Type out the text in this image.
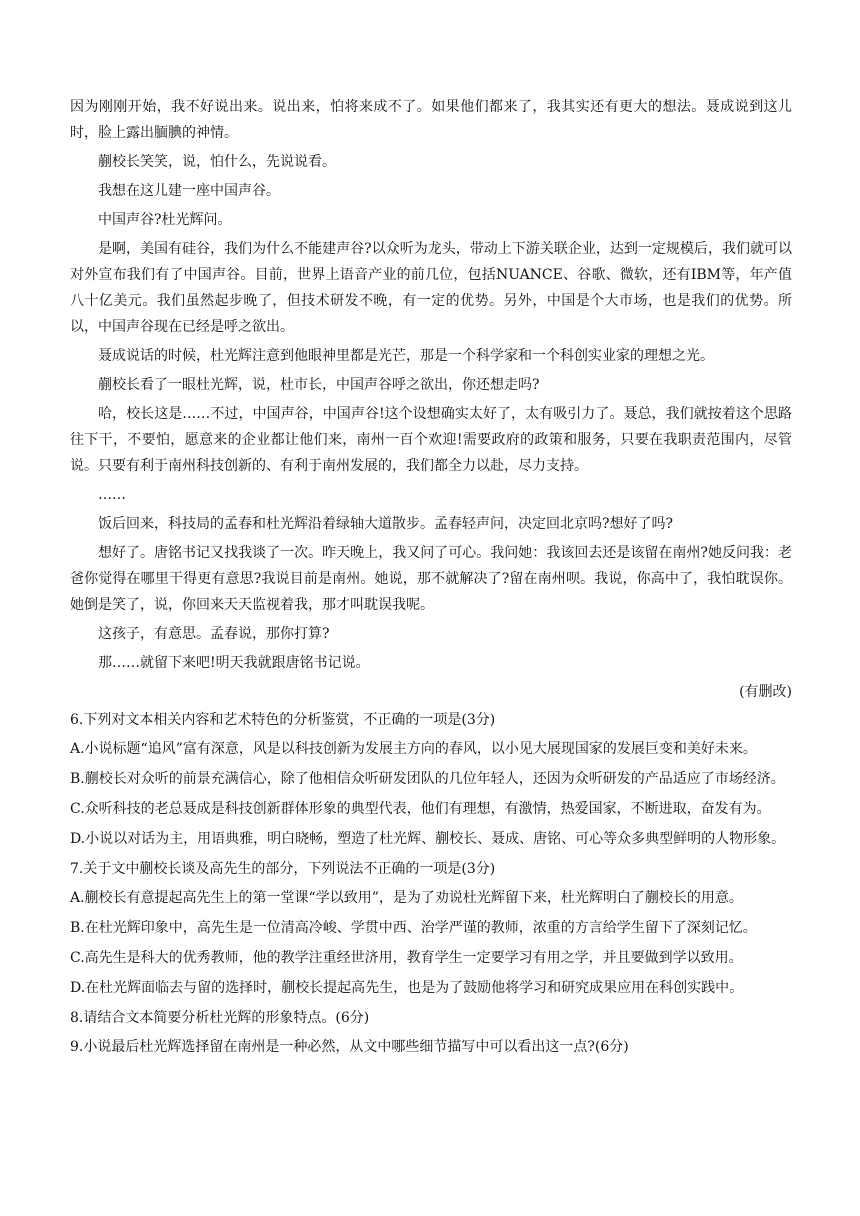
因为刚刚开始，我不好说出来。说出来，怕将来成不了。如果他们都来了，我其实还有更大的想法。聂成说到这儿时，脸上露出腼腆的神情。

蒯校长笑笑，说，怕什么，先说说看。

我想在这儿建一座中国声谷。

中国声谷?杜光辉问。

是啊，美国有硅谷，我们为什么不能建声谷?以众听为龙头，带动上下游关联企业，达到一定规模后，我们就可以对外宣布我们有了中国声谷。目前，世界上语音产业的前几位，包括NUANCE、谷歌、微软，还有IBM等，年产值八十亿美元。我们虽然起步晚了，但技术研发不晚，有一定的优势。另外，中国是个大市场，也是我们的优势。所以，中国声谷现在已经是呼之欲出。

聂成说话的时候，杜光辉注意到他眼神里都是光芒，那是一个科学家和一个科创实业家的理想之光。

蒯校长看了一眼杜光辉，说，杜市长，中国声谷呼之欲出，你还想走吗?

哈，校长这是……不过，中国声谷，中国声谷!这个设想确实太好了，太有吸引力了。聂总，我们就按着这个思路往下干，不要怕，愿意来的企业都让他们来，南州一百个欢迎!需要政府的政策和服务，只要在我职责范围内，尽管说。只要有利于南州科技创新的、有利于南州发展的，我们都全力以赴，尽力支持。

……

饭后回来，科技局的孟春和杜光辉沿着绿轴大道散步。孟春轻声问，决定回北京吗?想好了吗?

想好了。唐铭书记又找我谈了一次。昨天晚上，我又问了可心。我问她：我该回去还是该留在南州?她反问我：老爸你觉得在哪里干得更有意思?我说目前是南州。她说，那不就解决了?留在南州呗。我说，你高中了，我怕耽误你。她倒是笑了，说，你回来天天监视着我，那才叫耽误我呢。

这孩子，有意思。孟春说，那你打算?

那……就留下来吧!明天我就跟唐铭书记说。

(有删改)

6.下列对文本相关内容和艺术特色的分析鉴赏，不正确的一项是(3分)

A.小说标题“追风”富有深意，风是以科技创新为发展主方向的春风，以小见大展现国家的发展巨变和美好未来。

B.蒯校长对众听的前景充满信心，除了他相信众听研发团队的几位年轻人，还因为众听研发的产品适应了市场经济。

C.众听科技的老总聂成是科技创新群体形象的典型代表，他们有理想，有激情，热爱国家，不断进取，奋发有为。

D.小说以对话为主，用语典雅，明白晓畅，塑造了杜光辉、蒯校长、聂成、唐铭、可心等众多典型鲜明的人物形象。

7.关于文中蒯校长谈及高先生的部分，下列说法不正确的一项是(3分)

A.蒯校长有意提起高先生上的第一堂课“学以致用”，是为了劝说杜光辉留下来，杜光辉明白了蒯校长的用意。

B.在杜光辉印象中，高先生是一位清高冷峻、学贯中西、治学严谨的教师，浓重的方言给学生留下了深刻记忆。

C.高先生是科大的优秀教师，他的教学注重经世济用，教育学生一定要学习有用之学，并且要做到学以致用。

D.在杜光辉面临去与留的选择时，蒯校长提起高先生，也是为了鼓励他将学习和研究成果应用在科创实践中。

8.请结合文本简要分析杜光辉的形象特点。(6分)

9.小说最后杜光辉选择留在南州是一种必然，从文中哪些细节描写中可以看出这一点?(6分)
